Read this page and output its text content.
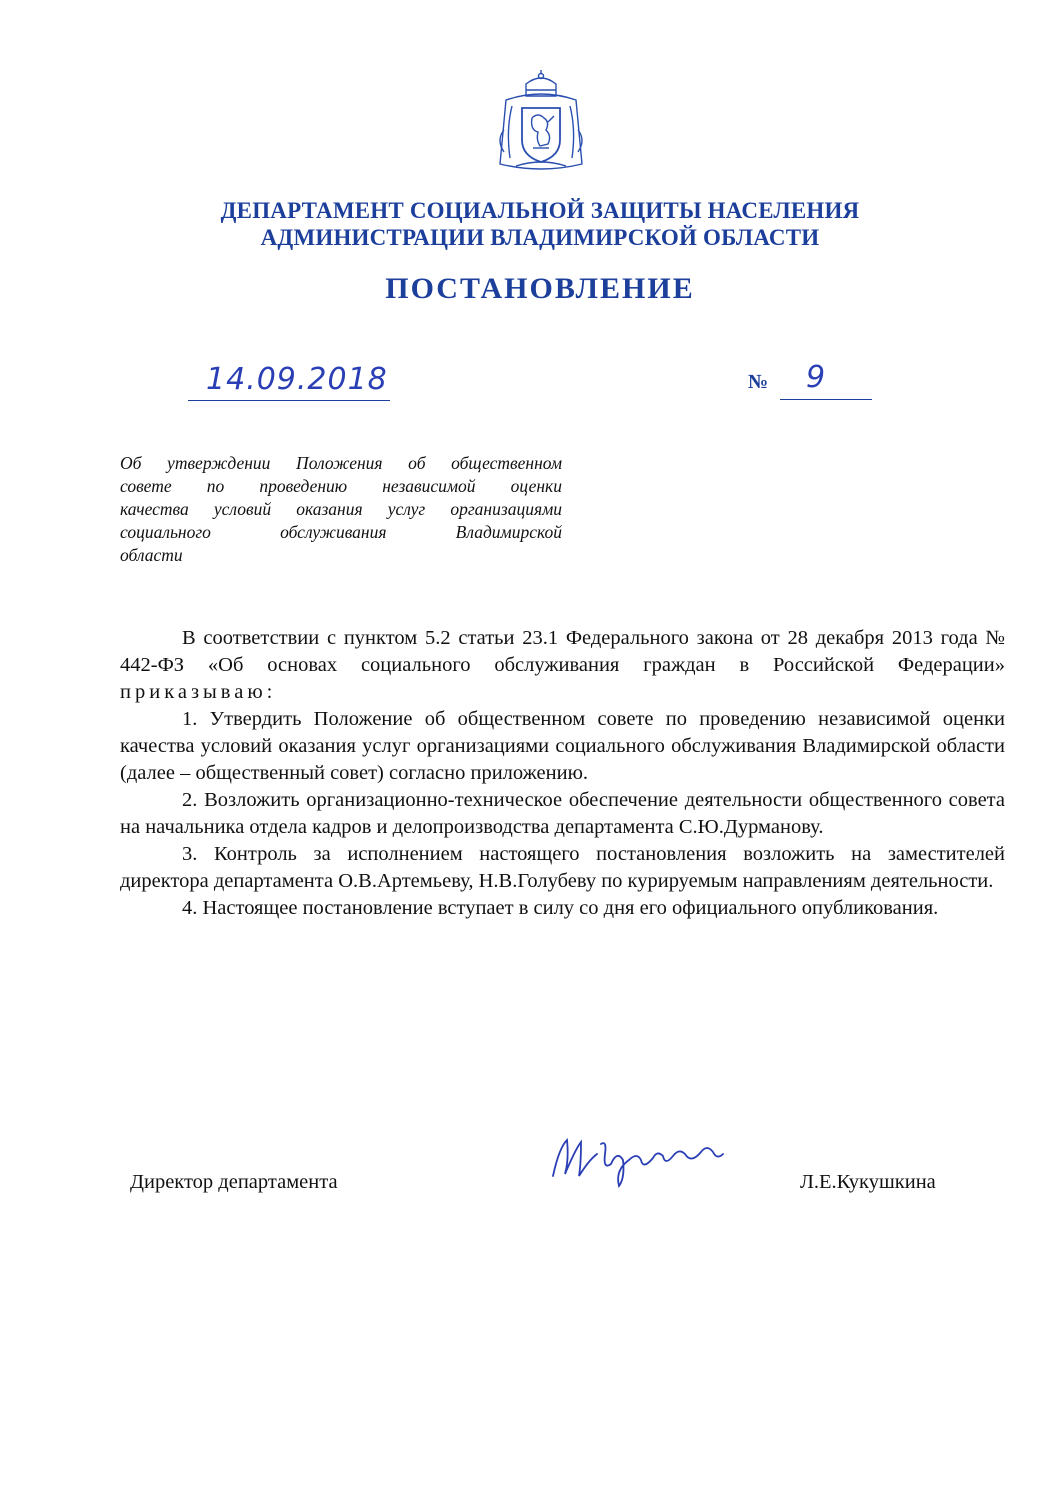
ДЕПАРТАМЕНТ СОЦИАЛЬНОЙ ЗАЩИТЫ НАСЕЛЕНИЯ
АДМИНИСТРАЦИИ ВЛАДИМИРСКОЙ ОБЛАСТИ
ПОСТАНОВЛЕНИЕ
14.09.2018	№ 9
Об утверждении Положения об общественном
совете по проведению независимой оценки
качества условий оказания услуг организациями
социального обслуживания Владимирской
области

В соответствии с пунктом 5.2 статьи 23.1 Федерального закона от 28 декабря 2013 года № 442-ФЗ «Об основах социального обслуживания граждан в Российской Федерации» приказываю:

1. Утвердить Положение об общественном совете по проведению независимой оценки качества условий оказания услуг организациями социального обслуживания Владимирской области (далее – общественный совет) согласно приложению.

2. Возложить организационно-техническое обеспечение деятельности общественного совета на начальника отдела кадров и делопроизводства департамента С.Ю.Дурманову.

3. Контроль за исполнением настоящего постановления возложить на заместителей директора департамента О.В.Артемьеву, Н.В.Голубеву по курируемым направлениям деятельности.

4. Настоящее постановление вступает в силу со дня его официального опубликования.

Директор департамента	Л.Е.Кукушкина
